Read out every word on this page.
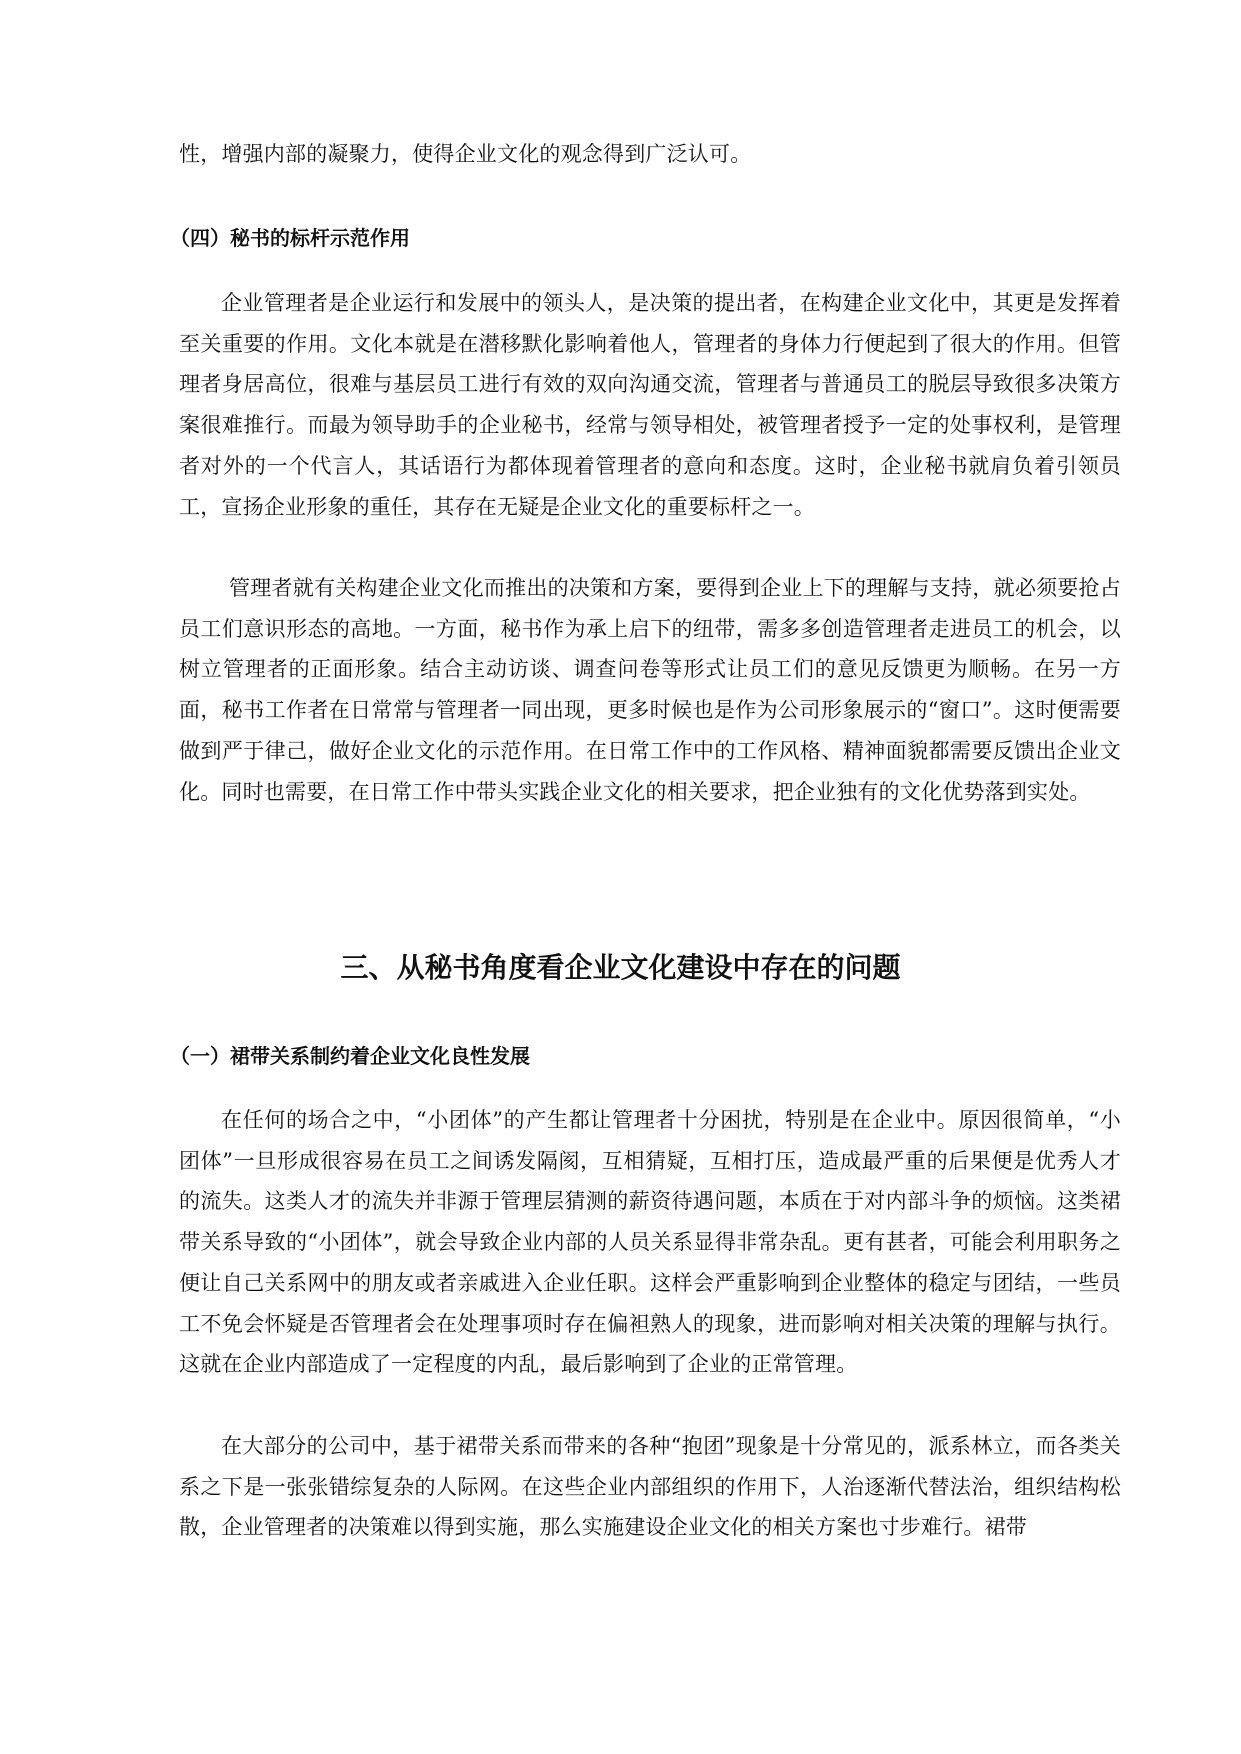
性，增强内部的凝聚力，使得企业文化的观念得到广泛认可。

（四）秘书的标杆示范作用

企业管理者是企业运行和发展中的领头人，是决策的提出者，在构建企业文化中，其更是发挥着至关重要的作用。文化本就是在潜移默化影响着他人，管理者的身体力行便起到了很大的作用。但管理者身居高位，很难与基层员工进行有效的双向沟通交流，管理者与普通员工的脱层导致很多决策方案很难推行。而最为领导助手的企业秘书，经常与领导相处，被管理者授予一定的处事权利，是管理者对外的一个代言人，其话语行为都体现着管理者的意向和态度。这时，企业秘书就肩负着引领员工，宣扬企业形象的重任，其存在无疑是企业文化的重要标杆之一。

管理者就有关构建企业文化而推出的决策和方案，要得到企业上下的理解与支持，就必须要抢占员工们意识形态的高地。一方面，秘书作为承上启下的纽带，需多多创造管理者走进员工的机会，以树立管理者的正面形象。结合主动访谈、调查问卷等形式让员工们的意见反馈更为顺畅。在另一方面，秘书工作者在日常常与管理者一同出现，更多时候也是作为公司形象展示的“窗口”。这时便需要做到严于律己，做好企业文化的示范作用。在日常工作中的工作风格、精神面貌都需要反馈出企业文化。同时也需要，在日常工作中带头实践企业文化的相关要求，把企业独有的文化优势落到实处。

三、从秘书角度看企业文化建设中存在的问题
（一）裙带关系制约着企业文化良性发展

在任何的场合之中，“小团体”的产生都让管理者十分困扰，特别是在企业中。原因很简单，“小团体”一旦形成很容易在员工之间诱发隔阂，互相猜疑，互相打压，造成最严重的后果便是优秀人才的流失。这类人才的流失并非源于管理层猜测的薪资待遇问题，本质在于对内部斗争的烦恼。这类裙带关系导致的“小团体”，就会导致企业内部的人员关系显得非常杂乱。更有甚者，可能会利用职务之便让自己关系网中的朋友或者亲戚进入企业任职。这样会严重影响到企业整体的稳定与团结，一些员工不免会怀疑是否管理者会在处理事项时存在偏袒熟人的现象，进而影响对相关决策的理解与执行。这就在企业内部造成了一定程度的内乱，最后影响到了企业的正常管理。

在大部分的公司中，基于裙带关系而带来的各种“抱团”现象是十分常见的，派系林立，而各类关系之下是一张张错综复杂的人际网。在这些企业内部组织的作用下，人治逐渐代替法治，组织结构松散，企业管理者的决策难以得到实施，那么实施建设企业文化的相关方案也寸步难行。裙带
